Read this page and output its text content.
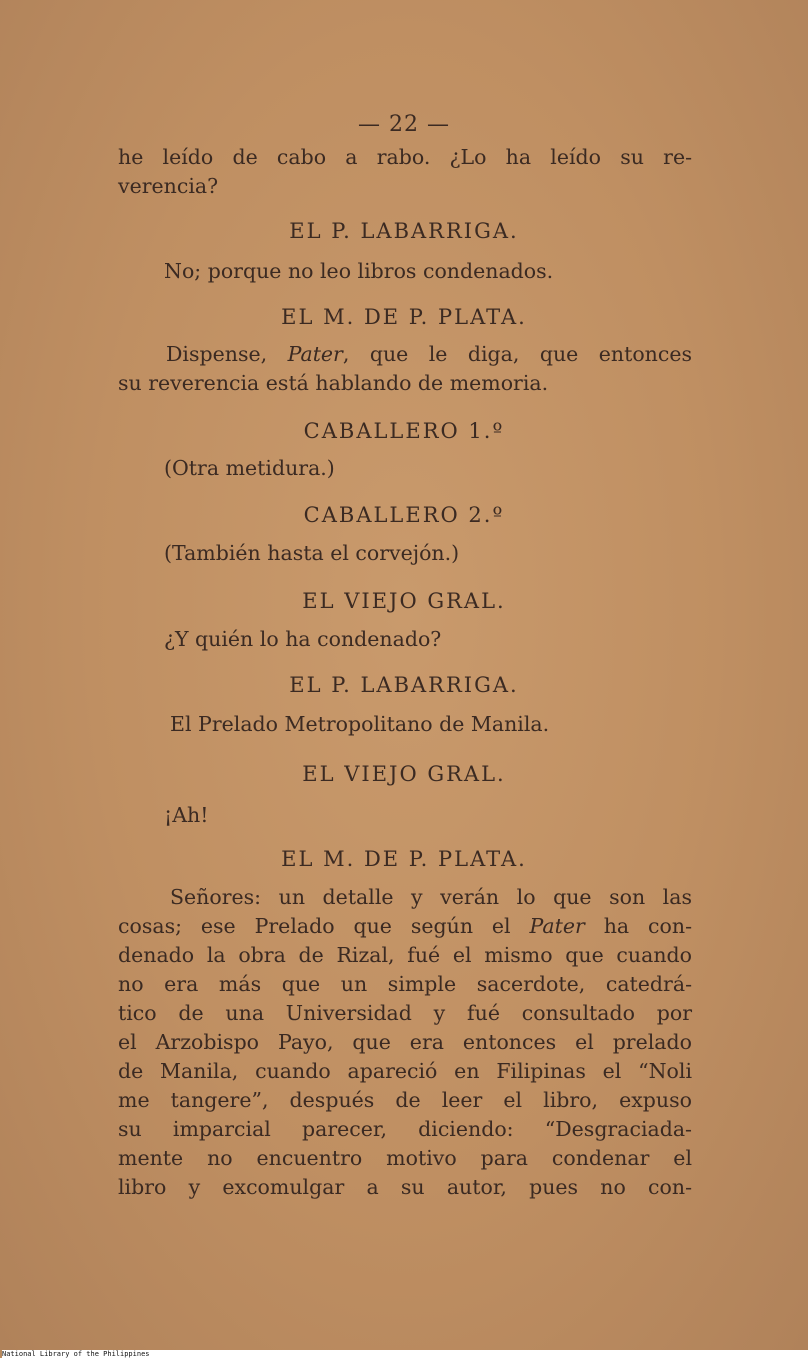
— 22 —
he leído de cabo a rabo. ¿Lo ha leído su re-
verencia?
EL P. LABARRIGA.
No; porque no leo libros condenados.
EL M. DE P. PLATA.
Dispense, Pater, que le diga, que entonces
su reverencia está hablando de memoria.
CABALLERO 1.º
(Otra metidura.)
CABALLERO 2.º
(También hasta el corvejón.)
EL VIEJO GRAL.
¿Y quién lo ha condenado?
EL P. LABARRIGA.
El Prelado Metropolitano de Manila.
EL VIEJO GRAL.
¡Ah!
EL M. DE P. PLATA.
Señores: un detalle y verán lo que son las
cosas; ese Prelado que según el Pater ha con-
denado la obra de Rizal, fué el mismo que cuando
no era más que un simple sacerdote, catedrá-
tico de una Universidad y fué consultado por
el Arzobispo Payo, que era entonces el prelado
de Manila, cuando apareció en Filipinas el “Noli
me tangere”, después de leer el libro, expuso
su imparcial parecer, diciendo: “Desgraciada-
mente no encuentro motivo para condenar el
libro y excomulgar a su autor, pues no con-
National Library of the Philippines
